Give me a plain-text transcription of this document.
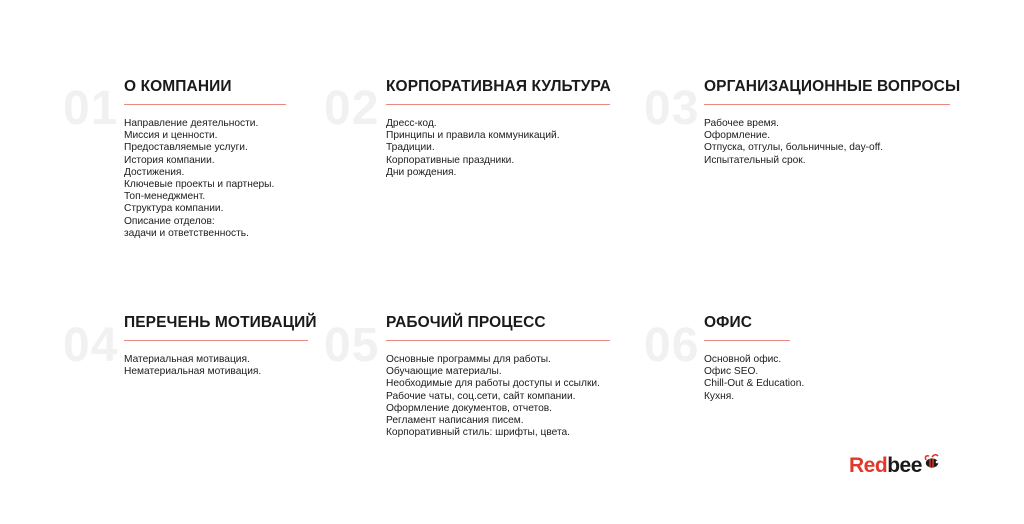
01 О КОМПАНИИ
Направление деятельности.
Миссия и ценности.
Предоставляемые услуги.
История компании.
Достижения.
Ключевые проекты и партнеры.
Топ-менеджмент.
Структура компании.
Описание отделов:
задачи и ответственность.
02 КОРПОРАТИВНАЯ КУЛЬТУРА
Дресс-код.
Принципы и правила коммуникаций.
Традиции.
Корпоративные праздники.
Дни рождения.
03 ОРГАНИЗАЦИОННЫЕ ВОПРОСЫ
Рабочее время.
Оформление.
Отпуска, отгулы, больничные, day-off.
Испытательный срок.
04 ПЕРЕЧЕНЬ МОТИВАЦИЙ
Материальная мотивация.
Нематериальная мотивация.	05 РАБОЧИЙ ПРОЦЕСС
Основные программы для работы.
Обучающие материалы.
Необходимые для работы доступы и ссылки.
Рабочие чаты, соц.сети, сайт компании.
Оформление документов, отчетов.
Регламент написания писем.
Корпоративный стиль: шрифты, цвета.
06 ОФИС
Основной офис.
Офис SEO.
Chill-Out & Education.
Кухня.
Redbee
